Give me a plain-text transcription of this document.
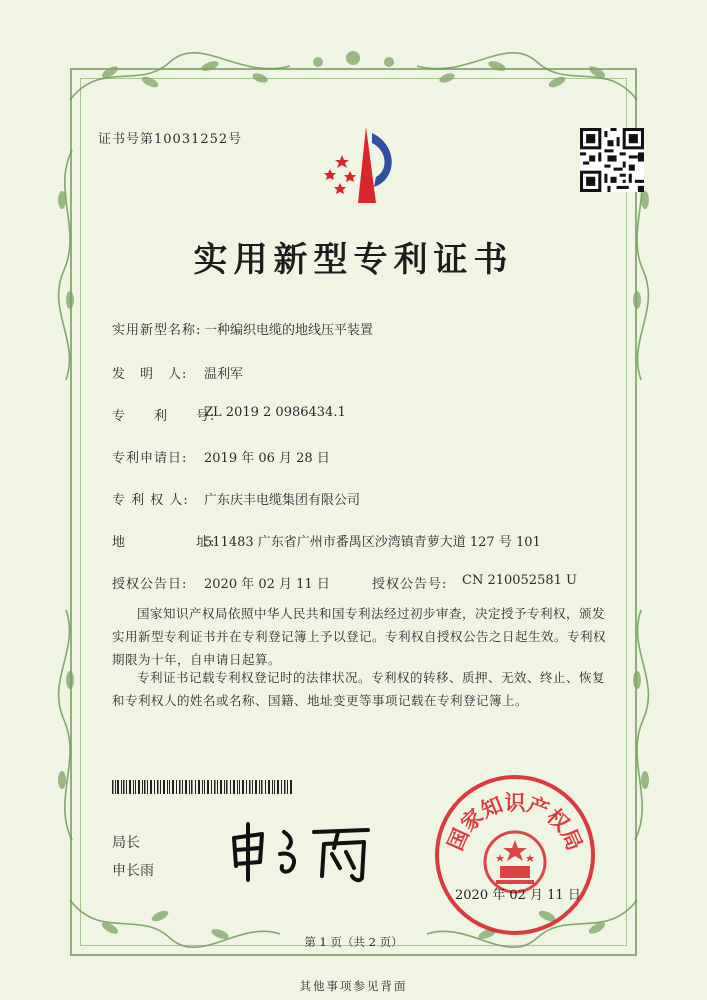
证书号第10031252号
实用新型专利证书
实用新型名称: 一种编织电缆的地线压平装置
发　明　人: 温利军
专　　利　　号:
ZL 2019 2 0986434.1
专利申请日: 2019 年 06 月 28 日
专 利 权 人: 广东庆丰电缆集团有限公司
地　　　　　址:
511483 广东省广州市番禺区沙湾镇青萝大道 127 号 101
授权公告日: 2020 年 02 月 11 日	授权公告号: CN 210052581 U
国家知识产权局依照中华人民共和国专利法经过初步审查，决定授予专利权，颁发实用新型专利证书并在专利登记簿上予以登记。专利权自授权公告之日起生效。专利权期限为十年，自申请日起算。
专利证书记载专利权登记时的法律状况。专利权的转移、质押、无效、终止、恢复和专利权人的姓名或名称、国籍、地址变更等事项记载在专利登记簿上。
局长
申长雨
国家知识产权局
2020 年 02 月 11 日
第 1 页（共 2 页）
其他事项参见背面
